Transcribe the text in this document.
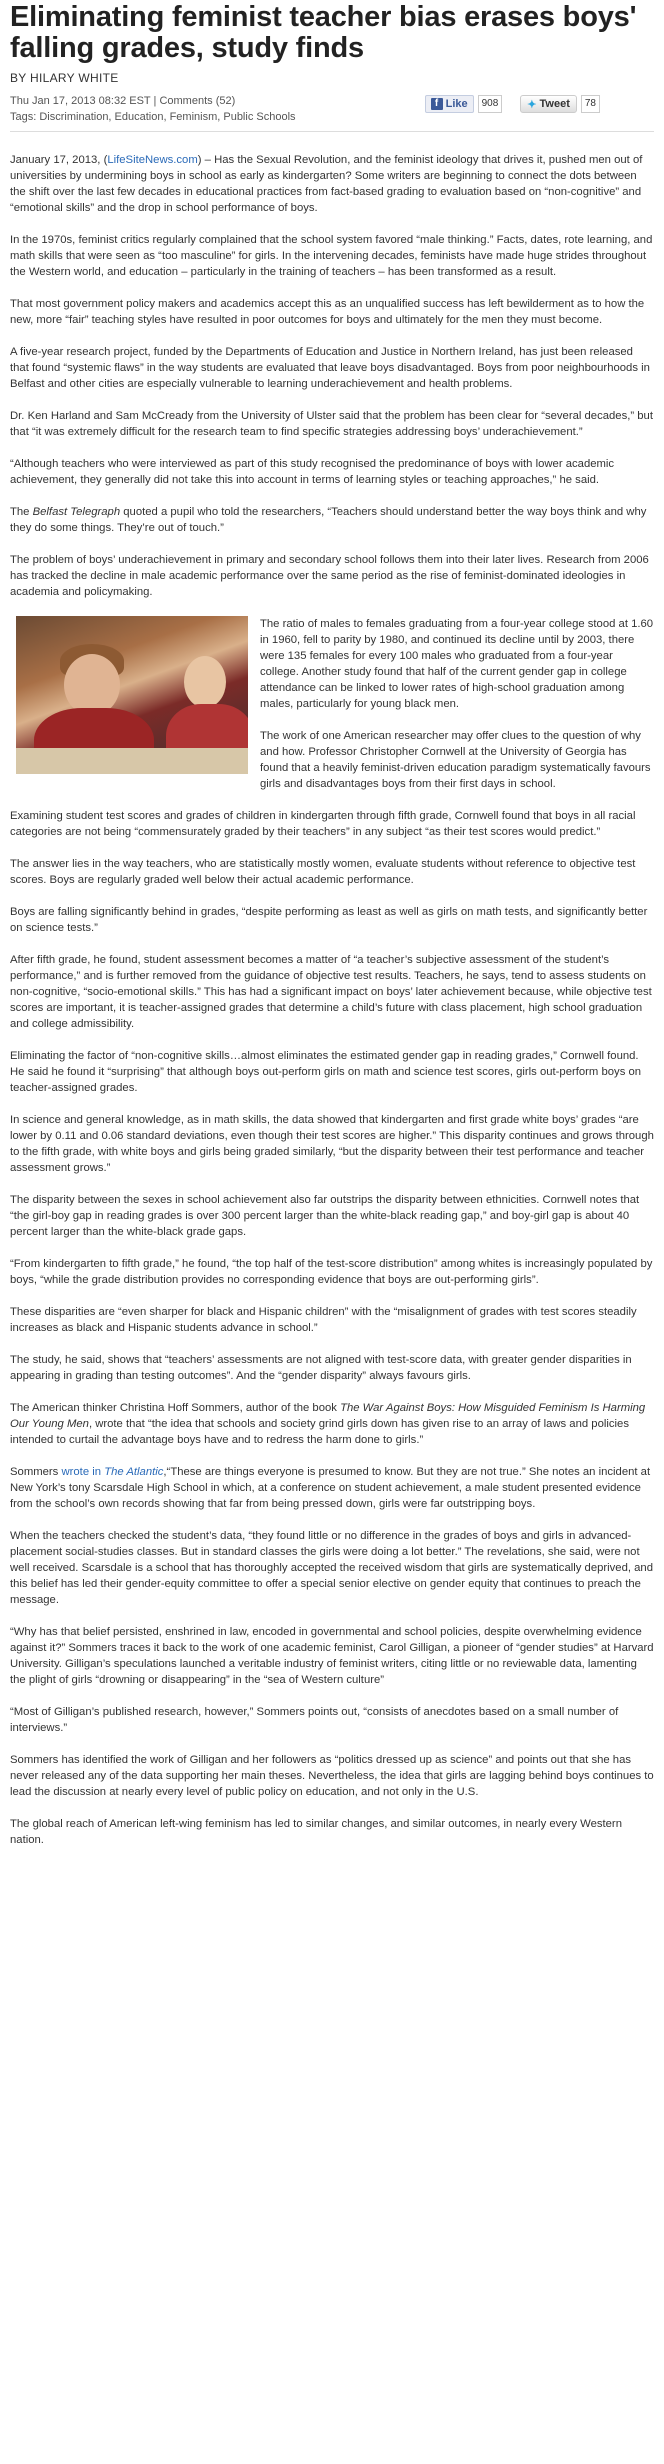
Eliminating feminist teacher bias erases boys' falling grades, study finds
BY HILARY WHITE
Thu Jan 17, 2013 08:32 EST | Comments (52)
Tags: Discrimination, Education, Feminism, Public Schools
f Like	908	✦ Tweet	78

January 17, 2013, (LifeSiteNews.com) – Has the Sexual Revolution, and the feminist ideology that drives it, pushed men out of universities by undermining boys in school as early as kindergarten? Some writers are beginning to connect the dots between the shift over the last few decades in educational practices from fact-based grading to evaluation based on “non-cognitive” and “emotional skills” and the drop in school performance of boys.

In the 1970s, feminist critics regularly complained that the school system favored “male thinking.” Facts, dates, rote learning, and math skills that were seen as “too masculine” for girls. In the intervening decades, feminists have made huge strides throughout the Western world, and education – particularly in the training of teachers – has been transformed as a result.

That most government policy makers and academics accept this as an unqualified success has left bewilderment as to how the new, more “fair” teaching styles have resulted in poor outcomes for boys and ultimately for the men they must become.

A five-year research project, funded by the Departments of Education and Justice in Northern Ireland, has just been released that found “systemic flaws” in the way students are evaluated that leave boys disadvantaged. Boys from poor neighbourhoods in Belfast and other cities are especially vulnerable to learning underachievement and health problems.

Dr. Ken Harland and Sam McCready from the University of Ulster said that the problem has been clear for “several decades,” but that “it was extremely difficult for the research team to find specific strategies addressing boys’ underachievement.”

“Although teachers who were interviewed as part of this study recognised the predominance of boys with lower academic achievement, they generally did not take this into account in terms of learning styles or teaching approaches,” he said.

The Belfast Telegraph quoted a pupil who told the researchers, “Teachers should understand better the way boys think and why they do some things. They’re out of touch.”

The problem of boys’ underachievement in primary and secondary school follows them into their later lives. Research from 2006 has tracked the decline in male academic performance over the same period as the rise of feminist-dominated ideologies in academia and policymaking.

The ratio of males to females graduating from a four-year college stood at 1.60 in 1960, fell to parity by 1980, and continued its decline until by 2003, there were 135 females for every 100 males who graduated from a four-year college. Another study found that half of the current gender gap in college attendance can be linked to lower rates of high-school graduation among males, particularly for young black men.

The work of one American researcher may offer clues to the question of why and how. Professor Christopher Cornwell at the University of Georgia has found that a heavily feminist-driven education paradigm systematically favours girls and disadvantages boys from their first days in school.

Examining student test scores and grades of children in kindergarten through fifth grade, Cornwell found that boys in all racial categories are not being “commensurately graded by their teachers” in any subject “as their test scores would predict.”

The answer lies in the way teachers, who are statistically mostly women, evaluate students without reference to objective test scores. Boys are regularly graded well below their actual academic performance.

Boys are falling significantly behind in grades, “despite performing as least as well as girls on math tests, and significantly better on science tests.”

After fifth grade, he found, student assessment becomes a matter of “a teacher’s subjective assessment of the student’s performance,” and is further removed from the guidance of objective test results. Teachers, he says, tend to assess students on non-cognitive, “socio-emotional skills.” This has had a significant impact on boys’ later achievement because, while objective test scores are important, it is teacher-assigned grades that determine a child’s future with class placement, high school graduation and college admissibility.

Eliminating the factor of “non-cognitive skills…almost eliminates the estimated gender gap in reading grades,” Cornwell found. He said he found it “surprising” that although boys out-perform girls on math and science test scores, girls out-perform boys on teacher-assigned grades.

In science and general knowledge, as in math skills, the data showed that kindergarten and first grade white boys’ grades “are lower by 0.11 and 0.06 standard deviations, even though their test scores are higher.” This disparity continues and grows through to the fifth grade, with white boys and girls being graded similarly, “but the disparity between their test performance and teacher assessment grows.”

The disparity between the sexes in school achievement also far outstrips the disparity between ethnicities. Cornwell notes that “the girl-boy gap in reading grades is over 300 percent larger than the white-black reading gap,” and boy-girl gap is about 40 percent larger than the white-black grade gaps.

“From kindergarten to fifth grade,” he found, “the top half of the test-score distribution” among whites is increasingly populated by boys, “while the grade distribution provides no corresponding evidence that boys are out-performing girls”.

These disparities are “even sharper for black and Hispanic children” with the “misalignment of grades with test scores steadily increases as black and Hispanic students advance in school.”

The study, he said, shows that “teachers’ assessments are not aligned with test-score data, with greater gender disparities in appearing in grading than testing outcomes”. And the “gender disparity” always favours girls.

The American thinker Christina Hoff Sommers, author of the book The War Against Boys: How Misguided Feminism Is Harming Our Young Men, wrote that “the idea that schools and society grind girls down has given rise to an array of laws and policies intended to curtail the advantage boys have and to redress the harm done to girls.”

Sommers wrote in The Atlantic,“These are things everyone is presumed to know. But they are not true.” She notes an incident at New York’s tony Scarsdale High School in which, at a conference on student achievement, a male student presented evidence from the school’s own records showing that far from being pressed down, girls were far outstripping boys.

When the teachers checked the student’s data, “they found little or no difference in the grades of boys and girls in advanced-placement social-studies classes. But in standard classes the girls were doing a lot better.” The revelations, she said, were not well received. Scarsdale is a school that has thoroughly accepted the received wisdom that girls are systematically deprived, and this belief has led their gender-equity committee to offer a special senior elective on gender equity that continues to preach the message.

“Why has that belief persisted, enshrined in law, encoded in governmental and school policies, despite overwhelming evidence against it?” Sommers traces it back to the work of one academic feminist, Carol Gilligan, a pioneer of “gender studies” at Harvard University. Gilligan’s speculations launched a veritable industry of feminist writers, citing little or no reviewable data, lamenting the plight of girls “drowning or disappearing” in the “sea of Western culture”

“Most of Gilligan’s published research, however,” Sommers points out, “consists of anecdotes based on a small number of interviews.”

Sommers has identified the work of Gilligan and her followers as “politics dressed up as science” and points out that she has never released any of the data supporting her main theses. Nevertheless, the idea that girls are lagging behind boys continues to lead the discussion at nearly every level of public policy on education, and not only in the U.S.

The global reach of American left-wing feminism has led to similar changes, and similar outcomes, in nearly every Western nation.
